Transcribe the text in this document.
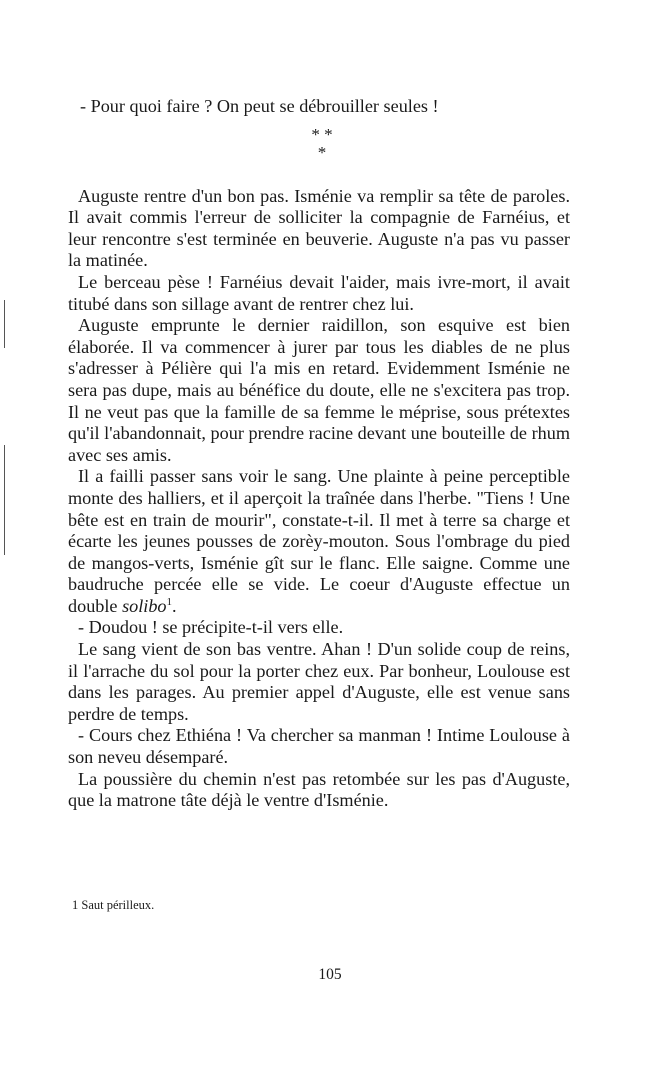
- Pour quoi faire ? On peut se débrouiller seules !

* *
*

Auguste rentre d'un bon pas. Isménie va remplir sa tête de paroles. Il avait commis l'erreur de solliciter la compagnie de Farnéius, et leur rencontre s'est terminée en beuverie. Auguste n'a pas vu passer la matinée.

Le berceau pèse ! Farnéius devait l'aider, mais ivre-mort, il avait titubé dans son sillage avant de rentrer chez lui.

Auguste emprunte le dernier raidillon, son esquive est bien élaborée. Il va commencer à jurer par tous les diables de ne plus s'adresser à Pélière qui l'a mis en retard. Evidemment Isménie ne sera pas dupe, mais au bénéfice du doute, elle ne s'excitera pas trop. Il ne veut pas que la famille de sa femme le méprise, sous prétextes qu'il l'abandonnait, pour prendre racine devant une bouteille de rhum avec ses amis.

Il a failli passer sans voir le sang. Une plainte à peine perceptible monte des halliers, et il aperçoit la traînée dans l'herbe. "Tiens ! Une bête est en train de mourir", constate-t-il. Il met à terre sa charge et écarte les jeunes pousses de zorèy-mouton. Sous l'ombrage du pied de mangos-verts, Isménie gît sur le flanc. Elle saigne. Comme une baudruche percée elle se vide. Le coeur d'Auguste effectue un double solibo$^1$.

- Doudou ! se précipite-t-il vers elle.

Le sang vient de son bas ventre. Ahan ! D'un solide coup de reins, il l'arrache du sol pour la porter chez eux. Par bonheur, Loulouse est dans les parages. Au premier appel d'Auguste, elle est venue sans perdre de temps.

- Cours chez Ethiéna ! Va chercher sa manman ! Intime Loulouse à son neveu désemparé.

La poussière du chemin n'est pas retombée sur les pas d'Auguste, que la matrone tâte déjà le ventre d'Isménie.

1 Saut périlleux.
105
